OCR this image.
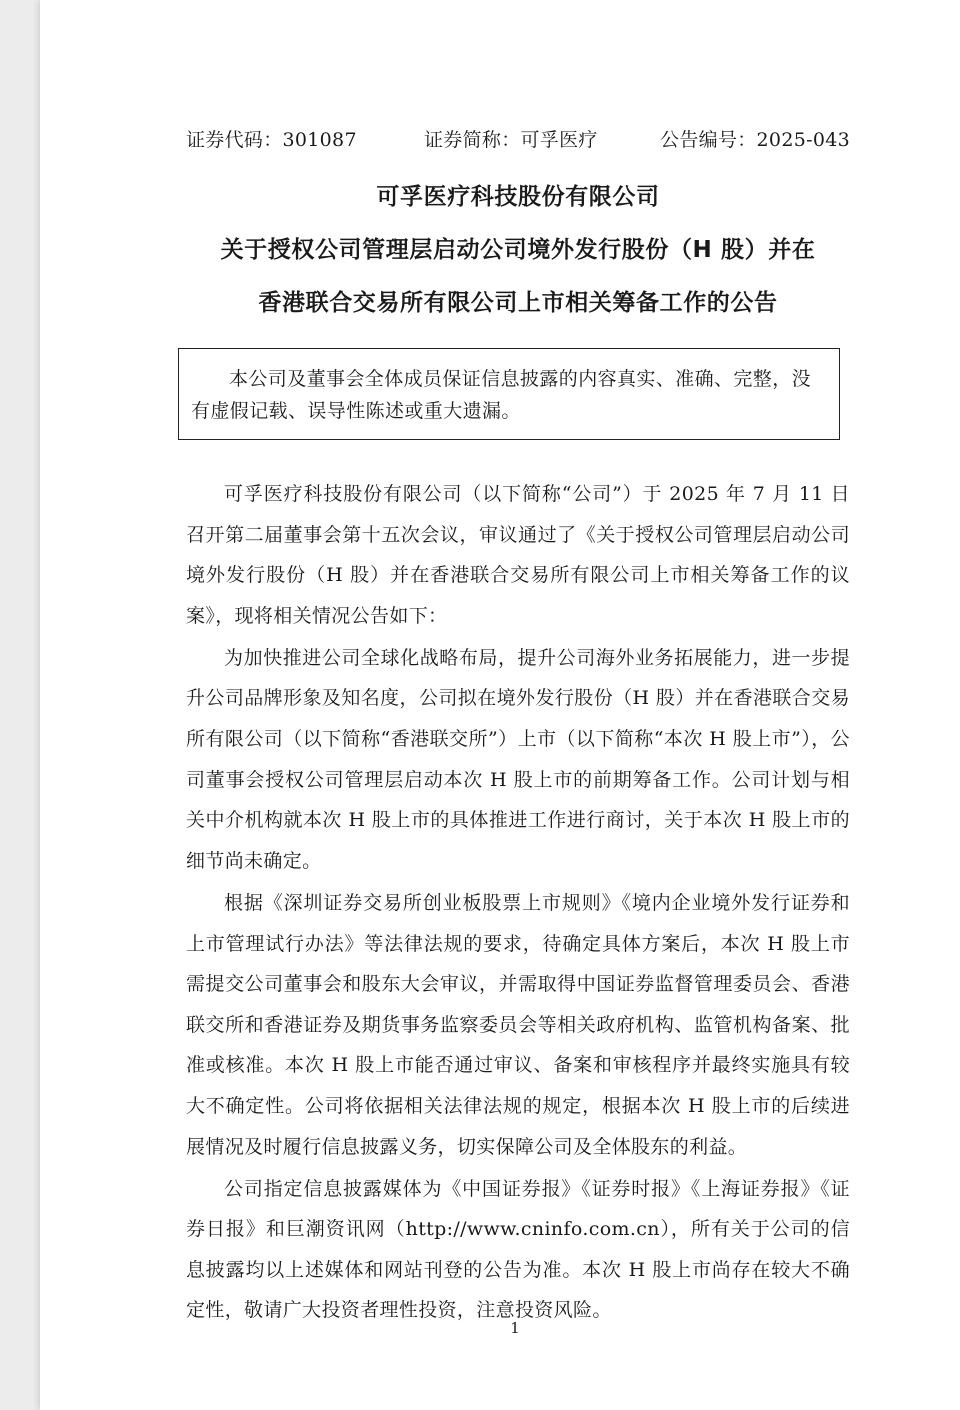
证券代码：301087	证券简称：可孚医疗	公告编号：2025-043
可孚医疗科技股份有限公司
关于授权公司管理层启动公司境外发行股份（H 股）并在
香港联合交易所有限公司上市相关筹备工作的公告

本公司及董事会全体成员保证信息披露的内容真实、准确、完整，没有虚假记载、误导性陈述或重大遗漏。

可孚医疗科技股份有限公司（以下简称“公司”）于 2025 年 7 月 11 日召开第二届董事会第十五次会议，审议通过了《关于授权公司管理层启动公司境外发行股份（H 股）并在香港联合交易所有限公司上市相关筹备工作的议案》，现将相关情况公告如下：

为加快推进公司全球化战略布局，提升公司海外业务拓展能力，进一步提升公司品牌形象及知名度，公司拟在境外发行股份（H 股）并在香港联合交易所有限公司（以下简称“香港联交所”）上市（以下简称“本次 H 股上市”），公司董事会授权公司管理层启动本次 H 股上市的前期筹备工作。公司计划与相关中介机构就本次 H 股上市的具体推进工作进行商讨，关于本次 H 股上市的细节尚未确定。

根据《深圳证券交易所创业板股票上市规则》《境内企业境外发行证券和上市管理试行办法》等法律法规的要求，待确定具体方案后，本次 H 股上市需提交公司董事会和股东大会审议，并需取得中国证券监督管理委员会、香港联交所和香港证券及期货事务监察委员会等相关政府机构、监管机构备案、批准或核准。本次 H 股上市能否通过审议、备案和审核程序并最终实施具有较大不确定性。公司将依据相关法律法规的规定，根据本次 H 股上市的后续进展情况及时履行信息披露义务，切实保障公司及全体股东的利益。

公司指定信息披露媒体为《中国证券报》《证券时报》《上海证券报》《证券日报》和巨潮资讯网（http://www.cninfo.com.cn），所有关于公司的信息披露均以上述媒体和网站刊登的公告为准。本次 H 股上市尚存在较大不确定性，敬请广大投资者理性投资，注意投资风险。

1
